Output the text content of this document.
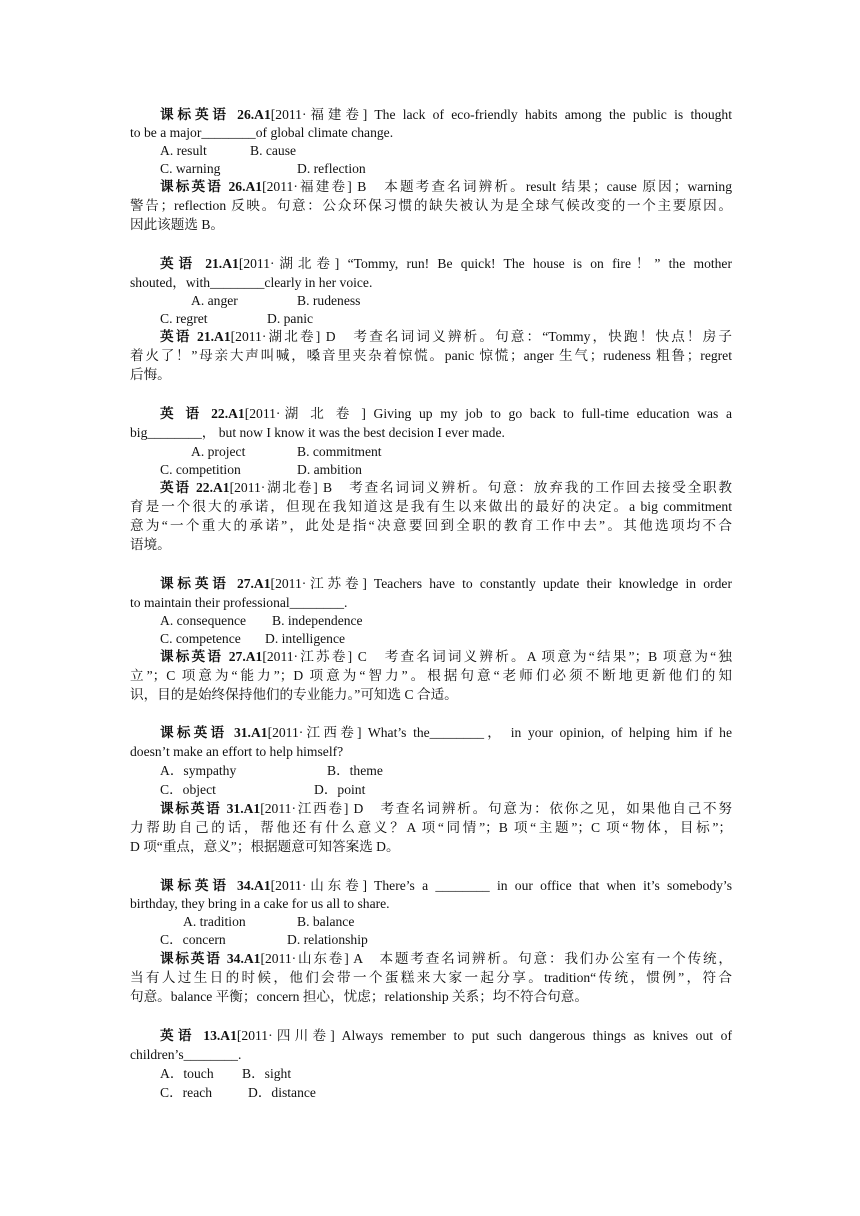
课标英语 26.A1[2011·福建卷] The lack of eco-friendly habits among the public is thought
to be a major________of global climate change.
A. result	B. cause
C. warning	D. reflection
课标英语 26.A1[2011·福建卷] B　本题考查名词辨析。result 结果；cause 原因；warning
警告；reflection 反映。句意：公众环保习惯的缺失被认为是全球气候改变的一个主要原因。
因此该题选 B。
英语 21.A1[2011·湖北卷] “Tommy, run! Be quick! The house is on fire！” the mother
shouted，with________clearly in her voice.
A. anger	B. rudeness
C. regret	D. panic
英语 21.A1[2011·湖北卷] D　考查名词词义辨析。句意：“Tommy，快跑！快点！房子
着火了！”母亲大声叫喊，嗓音里夹杂着惊慌。panic 惊慌；anger 生气；rudeness 粗鲁；regret
后悔。
英 语 22.A1[2011·湖 北 卷 ] Giving up my job to go back to full-time education was a
big________， but now I know it was the best decision I ever made.
A. project	B. commitment
C. competition	D. ambition
英语 22.A1[2011·湖北卷] B　考查名词词义辨析。句意：放弃我的工作回去接受全职教
育是一个很大的承诺，但现在我知道这是我有生以来做出的最好的决定。a big commitment
意为“一个重大的承诺”，此处是指“决意要回到全职的教育工作中去”。其他选项均不合
语境。
课标英语 27.A1[2011·江苏卷] Teachers have to constantly update their knowledge in order
to maintain their professional________.
A. consequence B. independence
C. competence D. intelligence
课标英语 27.A1[2011·江苏卷] C　考查名词词义辨析。A 项意为“结果”；B 项意为“独
立”；C 项意为“能力”；D 项意为“智力”。根据句意“老师们必须不断地更新他们的知
识，目的是始终保持他们的专业能力。”可知选 C 合适。
课标英语 31.A1[2011·江西卷] What’s the________， in your opinion, of helping him if he
doesn’t make an effort to help himself?
A．sympathy	B．theme
C．object	D．point
课标英语 31.A1[2011·江西卷] D　考查名词辨析。句意为：依你之见，如果他自己不努
力帮助自己的话，帮他还有什么意义？A 项“同情”；B 项“主题”；C 项“物体，目标”；
D 项“重点，意义”；根据题意可知答案选 D。
课标英语 34.A1[2011·山东卷] There’s a ________ in our office that when it’s somebody’s
birthday, they bring in a cake for us all to share.
A. tradition	B. balance
C．concern	D. relationship
课标英语 34.A1[2011·山东卷] A　本题考查名词辨析。句意：我们办公室有一个传统，
当有人过生日的时候，他们会带一个蛋糕来大家一起分享。tradition“传统，惯例”，符合
句意。balance 平衡；concern 担心，忧虑；relationship 关系；均不符合句意。
英语 13.A1[2011·四川卷] Always remember to put such dangerous things as knives out of
children’s________.
A．touch B．sight
C．reach	D．distance
